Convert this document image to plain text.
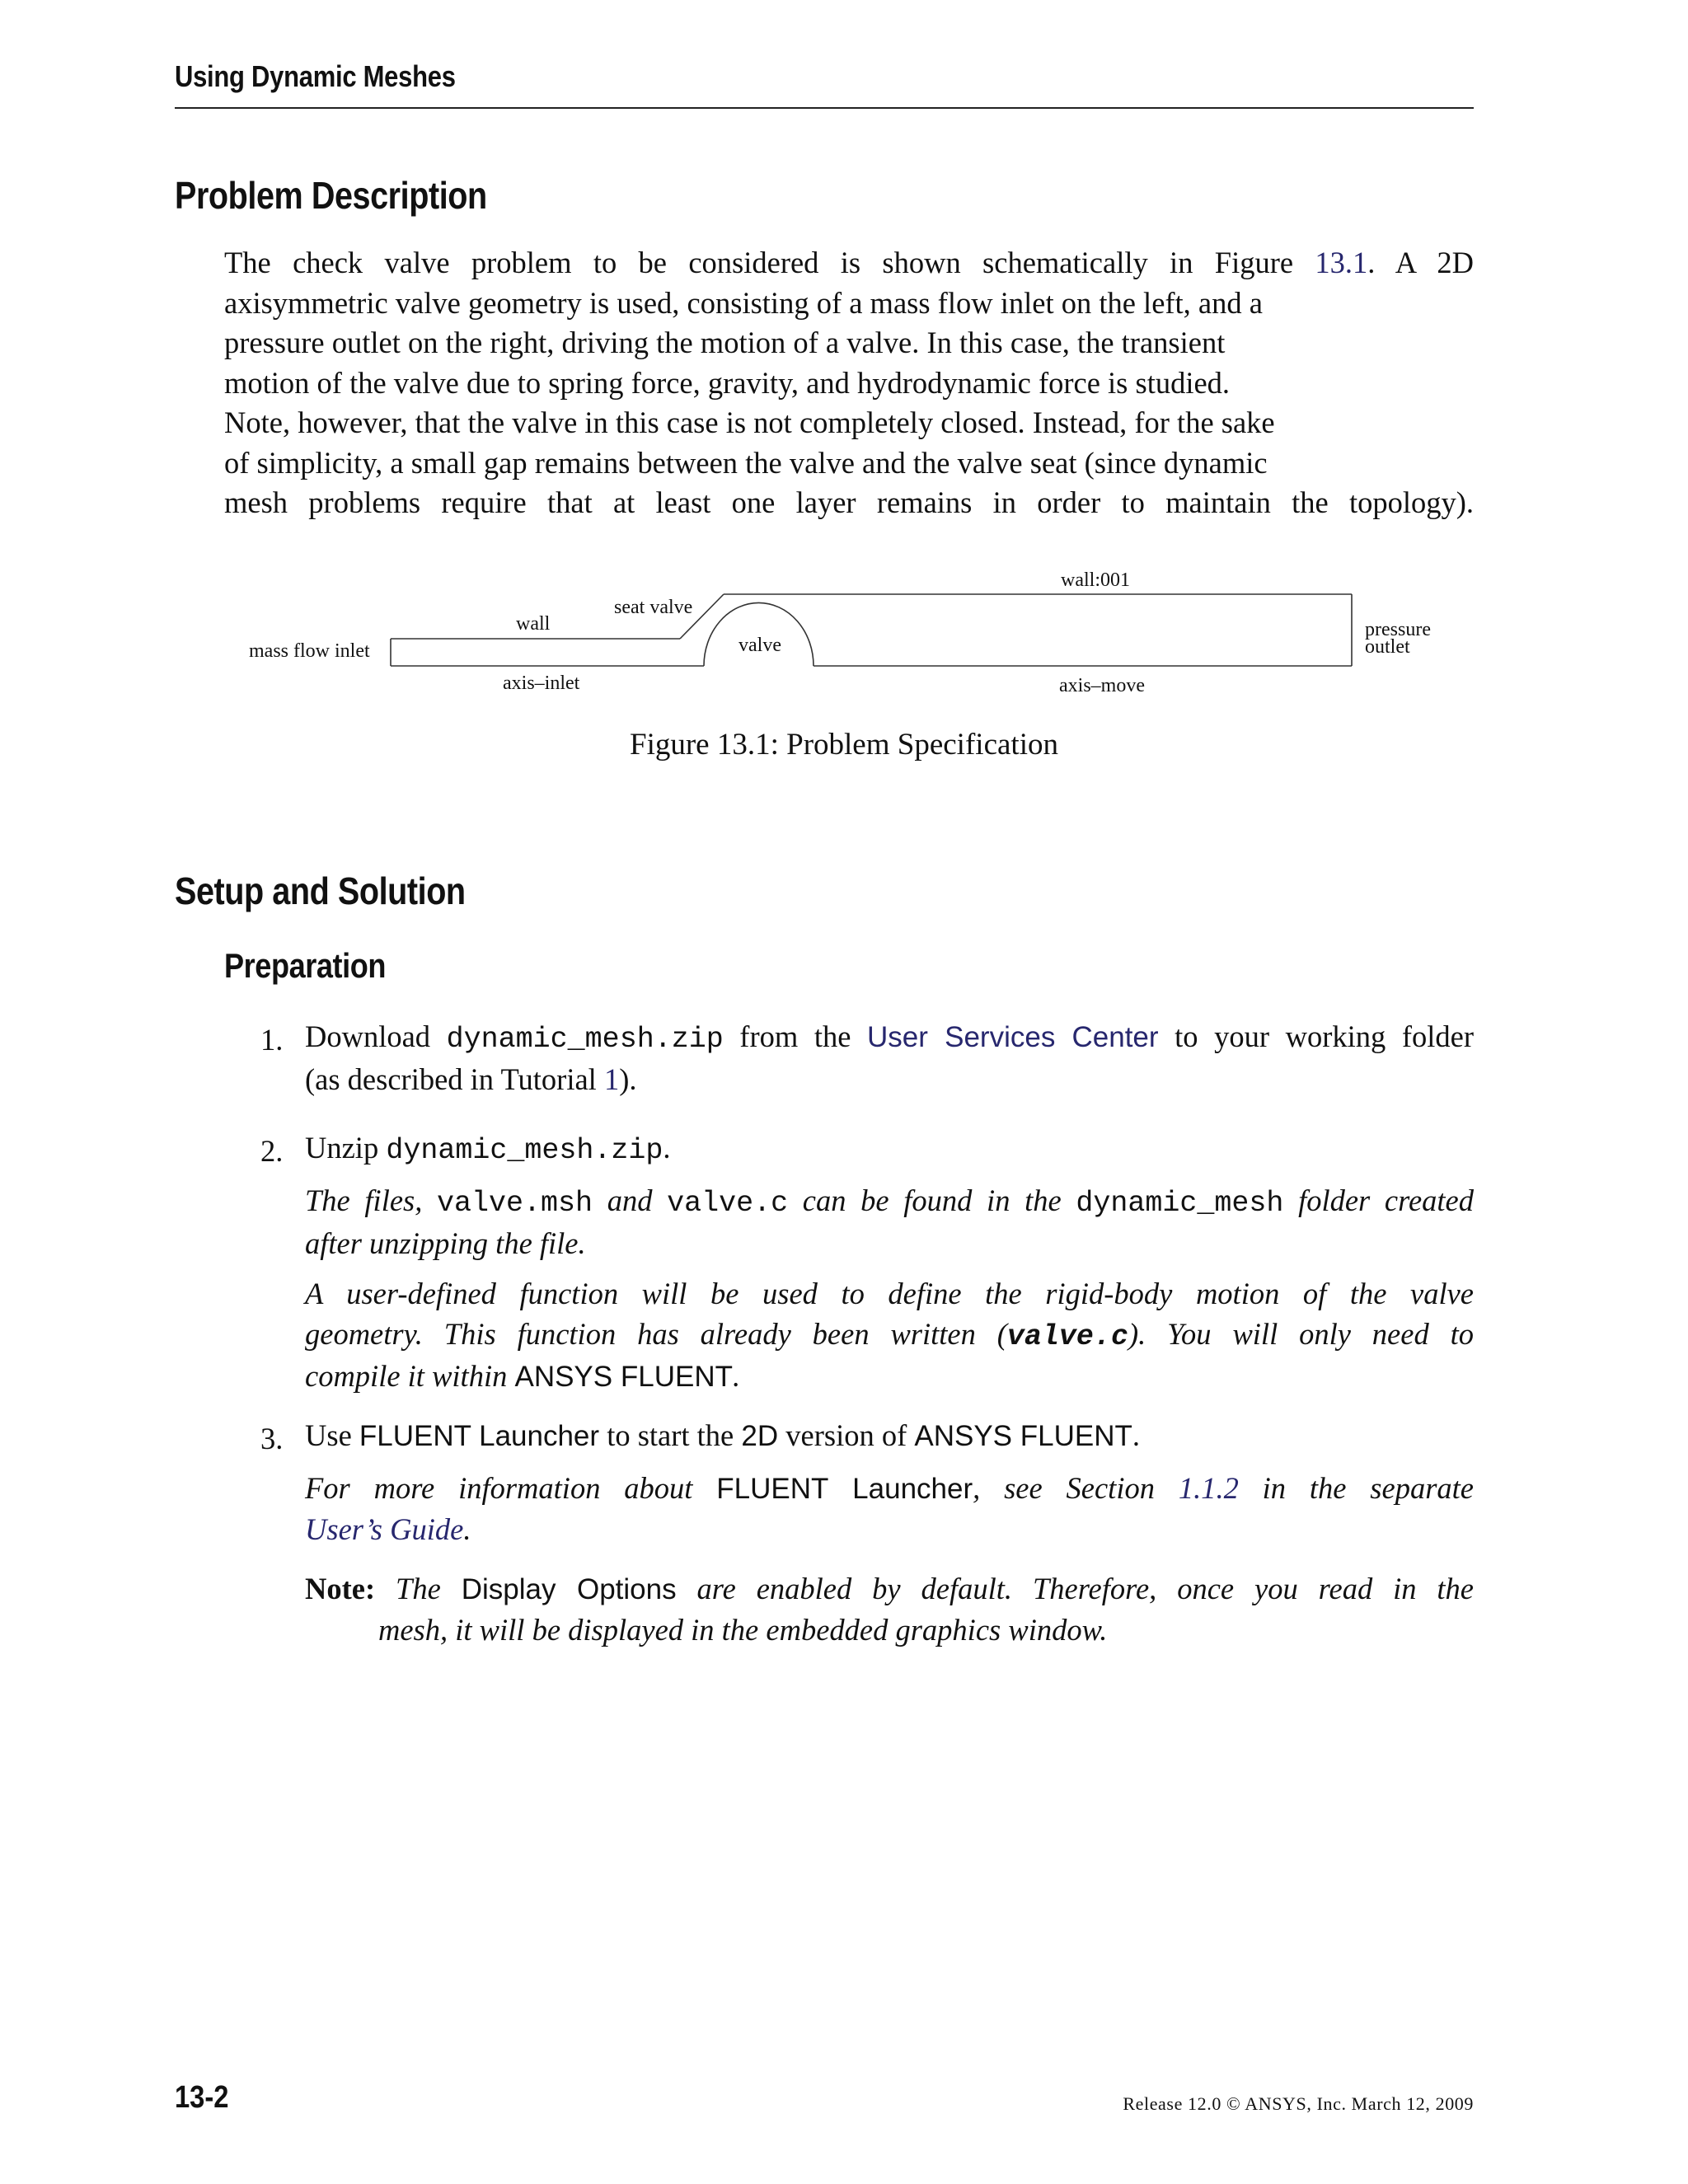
Using Dynamic Meshes
Problem Description
The check valve problem to be considered is shown schematically in Figure 13.1. A 2D
axisymmetric valve geometry is used, consisting of a mass flow inlet on the left, and a
pressure outlet on the right, driving the motion of a valve. In this case, the transient
motion of the valve due to spring force, gravity, and hydrodynamic force is studied.
Note, however, that the valve in this case is not completely closed. Instead, for the sake
of simplicity, a small gap remains between the valve and the valve seat (since dynamic
mesh problems require that at least one layer remains in order to maintain the topology).
mass flow inlet
wall
seat valve
valve
wall:001
pressure
outlet
axis–inlet	axis–move
Figure 13.1: Problem Specification
Setup and Solution
Preparation
1. Download dynamic_mesh.zip from the User Services Center to your working folder
(as described in Tutorial 1).
2. Unzip dynamic_mesh.zip.
The files, valve.msh and valve.c can be found in the dynamic_mesh folder created
after unzipping the file.
A user-defined function will be used to define the rigid-body motion of the valve
geometry. This function has already been written (valve.c). You will only need to
compile it within ANSYS FLUENT.
3. Use FLUENT Launcher to start the 2D version of ANSYS FLUENT.
For more information about FLUENT Launcher, see Section 1.1.2 in the separate
User’s Guide.
Note: The Display Options are enabled by default. Therefore, once you read in the
mesh, it will be displayed in the embedded graphics window.
13-2	Release 12.0 © ANSYS, Inc. March 12, 2009
